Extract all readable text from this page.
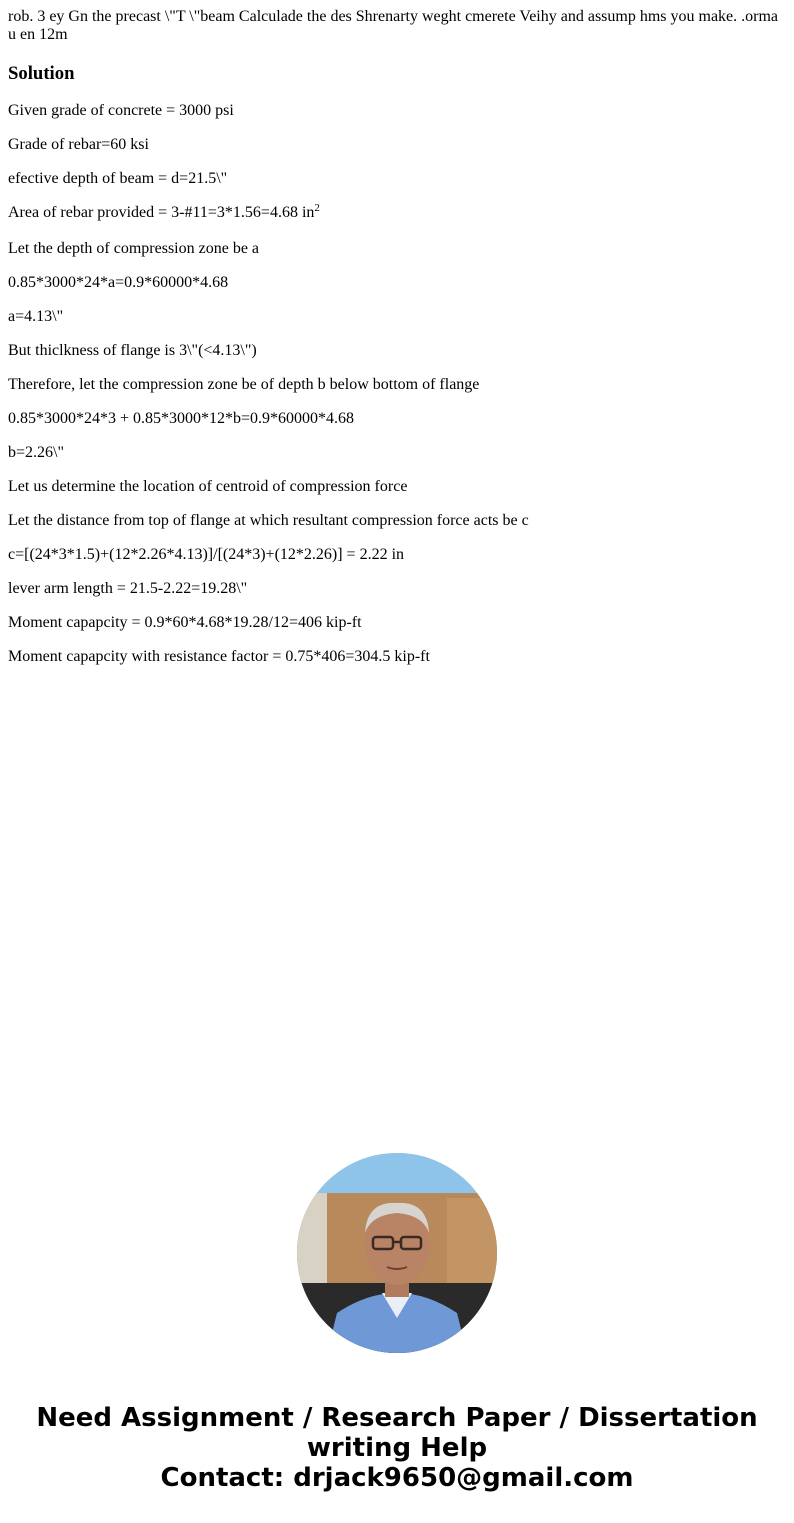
rob. 3 ey Gn the precast \"T \"beam Calculade the des Shrenarty weght cmerete Veihy and assump hms you make. .orma u en 12m
Solution

Given grade of concrete = 3000 psi

Grade of rebar=60 ksi

efective depth of beam = d=21.5\"

Area of rebar provided = 3-#11=3*1.56=4.68 $in^2$

Let the depth of compression zone be a

0.85*3000*24*a=0.9*60000*4.68

a=4.13\"

But thiclkness of flange is 3\"(<4.13\")

Therefore, let the compression zone be of depth b below bottom of flange

0.85*3000*24*3 + 0.85*3000*12*b=0.9*60000*4.68

b=2.26\"

Let us determine the location of centroid of compression force

Let the distance from top of flange at which resultant compression force acts be c

c=[(24*3*1.5)+(12*2.26*4.13)]/[(24*3)+(12*2.26)] = 2.22 in

lever arm length = 21.5-2.22=19.28\"

Moment capapcity = 0.9*60*4.68*19.28/12=406 kip-ft

Moment capapcity with resistance factor = 0.75*406=304.5 kip-ft

Need Assignment / Research Paper / Dissertation
writing Help
Contact: drjack9650@gmail.com
